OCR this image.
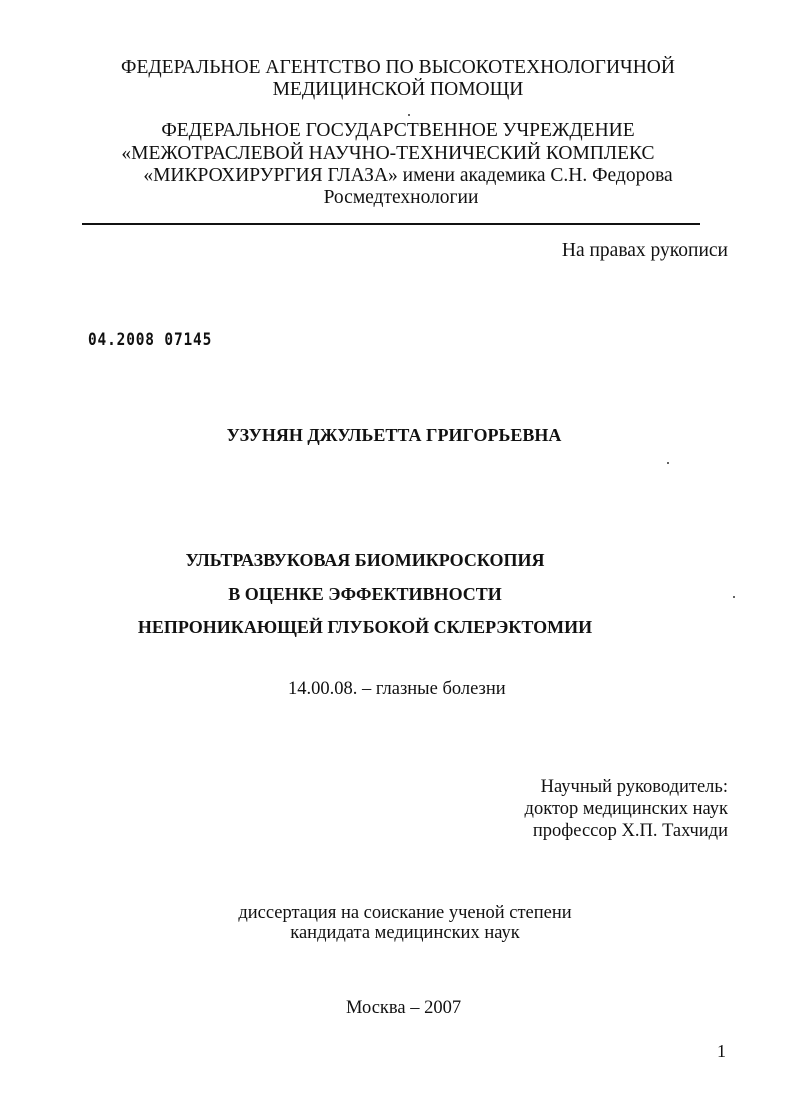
ФЕДЕРАЛЬНОЕ АГЕНТСТВО ПО ВЫСОКОТЕХНОЛОГИЧНОЙ
МЕДИЦИНСКОЙ ПОМОЩИ
ФЕДЕРАЛЬНОЕ ГОСУДАРСТВЕННОЕ УЧРЕЖДЕНИЕ
«МЕЖОТРАСЛЕВОЙ НАУЧНО-ТЕХНИЧЕСКИЙ КОМПЛЕКС
«МИКРОХИРУРГИЯ ГЛАЗА» имени академика С.Н. Федорова
Росмедтехнологии
На правах рукописи
04.2008 07145
УЗУНЯН ДЖУЛЬЕТТА ГРИГОРЬЕВНА
УЛЬТРАЗВУКОВАЯ БИОМИКРОСКОПИЯ
В ОЦЕНКЕ ЭФФЕКТИВНОСТИ
НЕПРОНИКАЮЩЕЙ ГЛУБОКОЙ СКЛЕРЭКТОМИИ
14.00.08. – глазные болезни
Научный руководитель:
доктор медицинских наук
профессор Х.П. Тахчиди
диссертация на соискание ученой степени
кандидата медицинских наук
Москва – 2007
1
